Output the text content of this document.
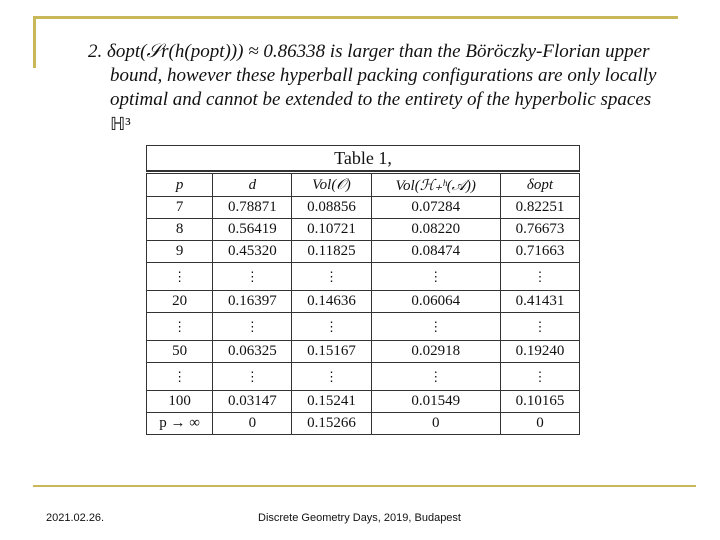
2. δopt(𝒮r(h(popt))) ≈ 0.86338 is larger than the Böröczky-Florian upper
bound, however these hyperball packing configurations are only locally
optimal and cannot be extended to the entirety of the hyperbolic spaces
ℍ³
Table 1,
p	d	Vol(𝒪)	Vol(ℋ₊ʰ(𝒜))	δopt
7	0.78871	0.08856	0.07284	0.82251
8	0.56419	0.10721	0.08220	0.76673
9	0.45320	0.11825	0.08474	0.71663
⋮	⋮	⋮	⋮	⋮
20	0.16397	0.14636	0.06064	0.41431
⋮	⋮	⋮	⋮	⋮
50	0.06325	0.15167	0.02918	0.19240
⋮	⋮	⋮	⋮	⋮
100	0.03147	0.15241	0.01549	0.10165
p → ∞	0	0.15266	0	0
2021.02.26.	Discrete Geometry Days, 2019, Budapest
